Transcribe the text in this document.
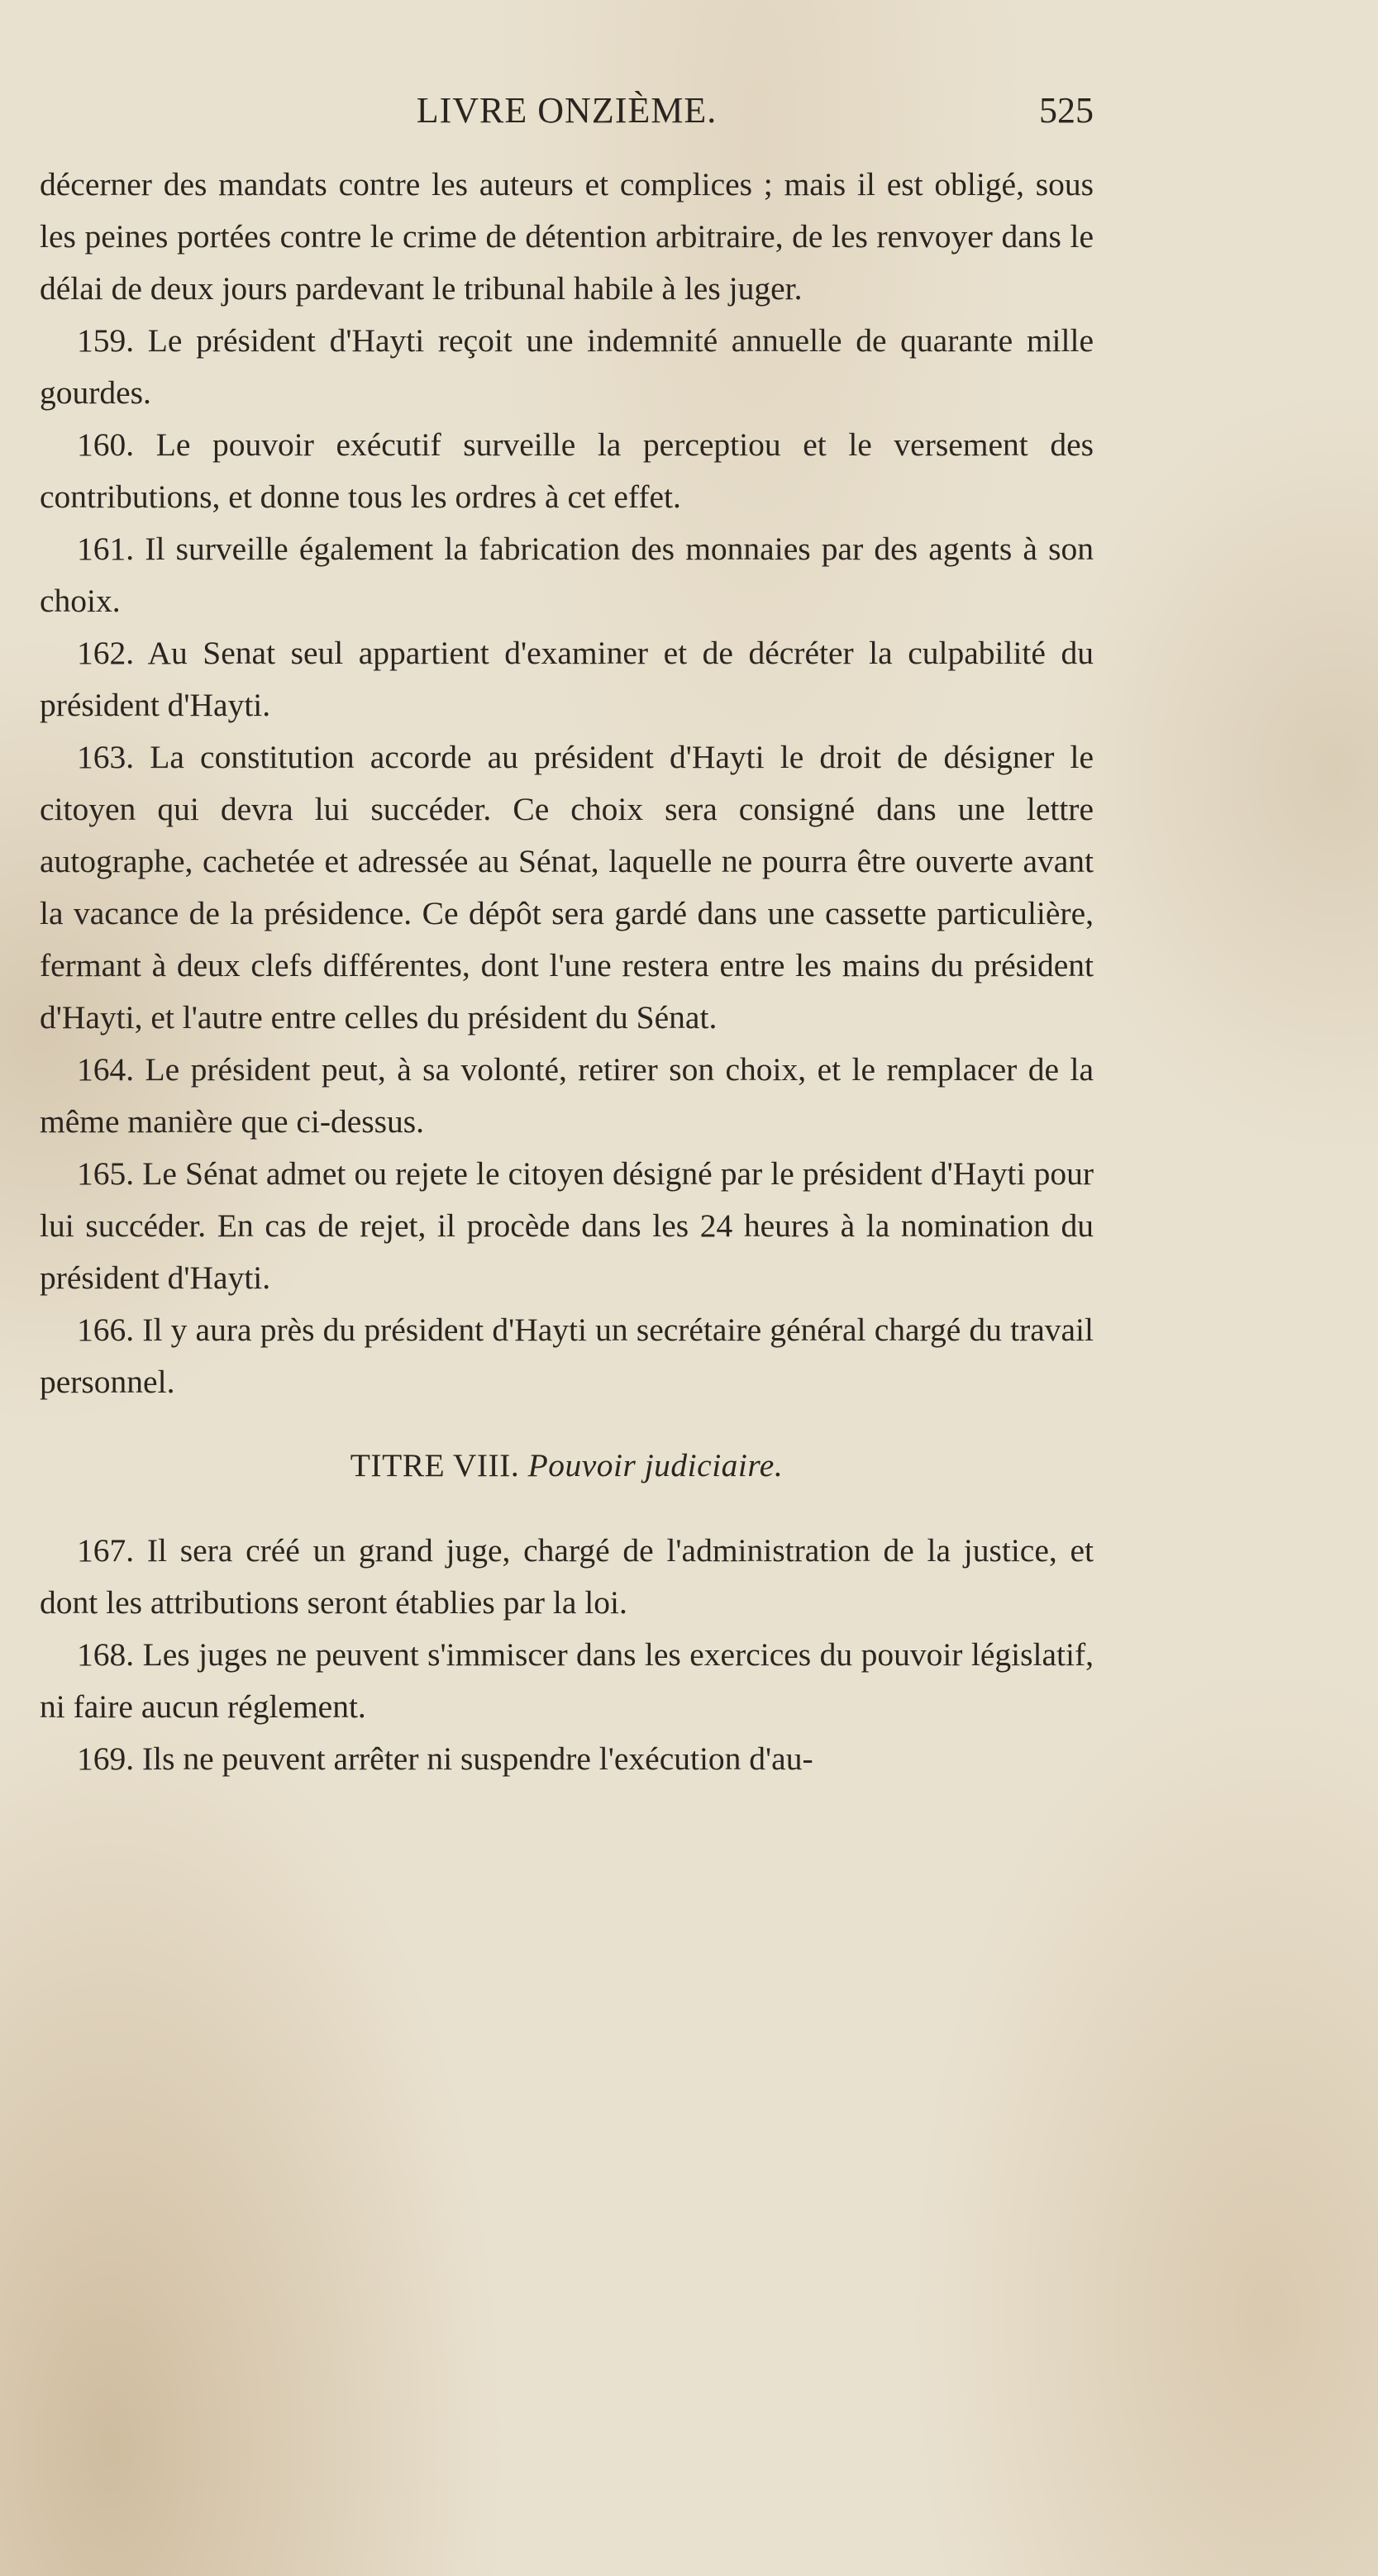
LIVRE ONZIÈME.	525

décerner des mandats contre les auteurs et complices ; mais il est obligé, sous les peines portées contre le crime de détention arbitraire, de les renvoyer dans le délai de deux jours pardevant le tribunal habile à les juger.

159. Le président d'Hayti reçoit une indemnité annuelle de quarante mille gourdes.

160. Le pouvoir exécutif surveille la perceptiou et le versement des contributions, et donne tous les ordres à cet effet.

161. Il surveille également la fabrication des monnaies par des agents à son choix.

162. Au Senat seul appartient d'examiner et de décréter la culpabilité du président d'Hayti.

163. La constitution accorde au président d'Hayti le droit de désigner le citoyen qui devra lui succéder. Ce choix sera consigné dans une lettre autographe, cachetée et adressée au Sénat, laquelle ne pourra être ouverte avant la vacance de la présidence. Ce dépôt sera gardé dans une cassette particulière, fermant à deux clefs différentes, dont l'une restera entre les mains du président d'Hayti, et l'autre entre celles du président du Sénat.

164. Le président peut, à sa volonté, retirer son choix, et le remplacer de la même manière que ci-dessus.

165. Le Sénat admet ou rejete le citoyen désigné par le président d'Hayti pour lui succéder. En cas de rejet, il procède dans les 24 heures à la nomination du président d'Hayti.

166. Il y aura près du président d'Hayti un secrétaire général chargé du travail personnel.

TITRE VIII. Pouvoir judiciaire.

167. Il sera créé un grand juge, chargé de l'administration de la justice, et dont les attributions seront établies par la loi.

168. Les juges ne peuvent s'immiscer dans les exercices du pouvoir législatif, ni faire aucun réglement.

169. Ils ne peuvent arrêter ni suspendre l'exécution d'au-
